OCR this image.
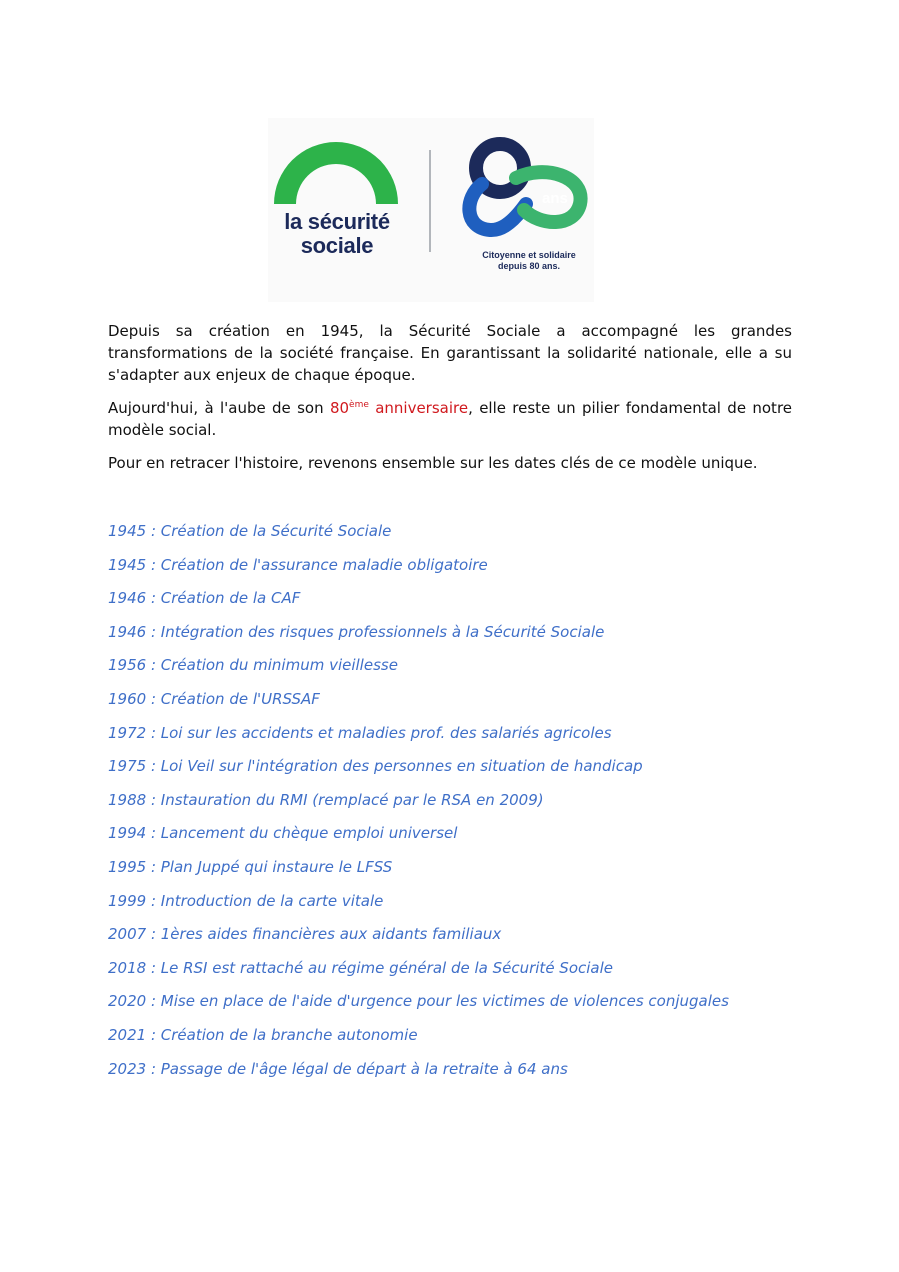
la sécurité
sociale
ans
Citoyenne et solidaire
depuis 80 ans.

Depuis sa création en 1945, la Sécurité Sociale a accompagné les grandes transformations de la société française. En garantissant la solidarité nationale, elle a su s'adapter aux enjeux de chaque époque.

Aujourd'hui, à l'aube de son 80ème anniversaire, elle reste un pilier fondamental de notre modèle social.

Pour en retracer l'histoire, revenons ensemble sur les dates clés de ce modèle unique.

1945 : Création de la Sécurité Sociale
1945 : Création de l'assurance maladie obligatoire
1946 : Création de la CAF
1946 : Intégration des risques professionnels à la Sécurité Sociale
1956 : Création du minimum vieillesse
1960 : Création de l'URSSAF
1972 : Loi sur les accidents et maladies prof. des salariés agricoles
1975 : Loi Veil sur l'intégration des personnes en situation de handicap
1988 : Instauration du RMI (remplacé par le RSA en 2009)
1994 : Lancement du chèque emploi universel
1995 : Plan Juppé qui instaure le LFSS
1999 : Introduction de la carte vitale
2007 : 1ères aides financières aux aidants familiaux
2018 : Le RSI est rattaché au régime général de la Sécurité Sociale
2020 : Mise en place de l'aide d'urgence pour les victimes de violences conjugales
2021 : Création de la branche autonomie
2023 : Passage de l'âge légal de départ à la retraite à 64 ans
